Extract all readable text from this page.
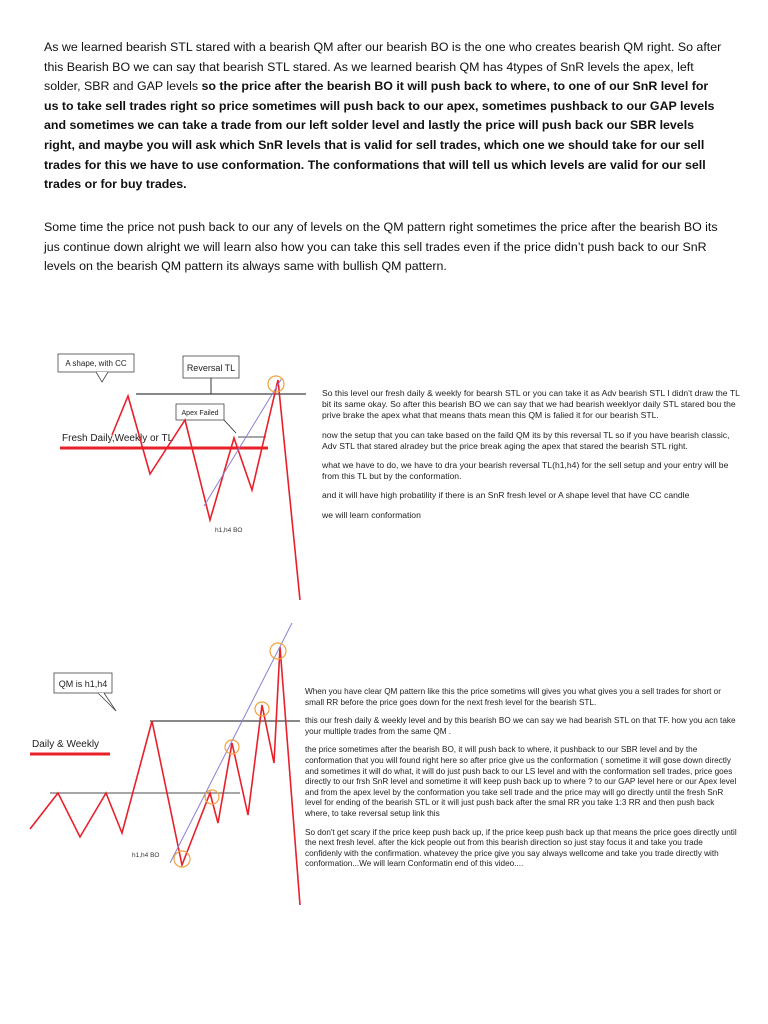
As we learned bearish STL stared with a bearish QM after our bearish BO is the one who creates bearish QM right. So after this Bearish BO we can say that bearish STL stared. As we learned bearish QM has 4types of SnR levels the apex, left solder, SBR and GAP levels so the price after the bearish BO it will push back to where, to one of our SnR level for us to take sell trades right so price sometimes will push back to our apex, sometimes pushback to our GAP levels and sometimes we can take a trade from our left solder level and lastly the price will push back our SBR levels right, and maybe you will ask which SnR levels that is valid for sell trades, which one we should take for our sell trades for this we have to use conformation. The conformations that will tell us which levels are valid for our sell trades or for buy trades.
Some time the price not push back to our any of levels on the QM pattern right sometimes the price after the bearish BO its jus continue down alright we will learn also how you can take this sell trades even if the price didn’t push back to our SnR levels on the bearish QM pattern its always same with bullish QM pattern.
A shape, with CC	Reversal TL
Apex Failed
Fresh Daily,Weekly or TL
h1,h4 BO

So this level our fresh daily & weekly for bearsh STL or you can take it as Adv bearish STL I didn't draw the TL bit its same okay. So after this bearish BO we can say that we had bearish weeklyor daily STL stared bou the prive brake the apex what that means thats mean this QM is falied it for our bearish STL.

now the setup that you can take based on the faild QM its by this reversal TL so if you have bearish classic, Adv STL that stared alradey but the price break aging the apex that stared the bearish STL right.

what we have to do, we have to dra your bearish reversal TL(h1,h4) for the sell setup and your entry will be from this TL but by the conformation.

and it will have high probatility if there is an SnR fresh level or A shape level that have CC candle

we will learn conformation

QM is h1,h4
Daily & Weekly
h1,h4 BO

When you have clear QM pattern like this the price sometims will gives you what gives you a sell trades for short or small RR before the price goes down for the next fresh level for the bearish STL.

this our fresh daily & weekly level and by this bearish BO we can say we had bearish STL on that TF. how you acn take your multiple trades from the same QM .

the price sometimes after the bearish BO, it will push back to where, it pushback to our SBR level and by the conformation that you will found right here so after price give us the conformation ( sometime it will gose down directly and sometimes it will do what, it will do just push back to our LS level and with the conformation sell trades, price goes directly to our frsh SnR level and sometime it will keep push back up to where ? to our GAP level here or our Apex level and from the apex level by the conformation you take sell trade and the price may will go directly until the fresh SnR level for ending of the bearish STL or it will just push back after the smal RR you take 1:3 RR and then push back where, to take reversal setup link this

So don't get scary if the price keep push back up, if the price keep push back up that means the price goes directly until the next fresh level. after the kick people out from this bearish direction so just stay focus it and take you trade confidenly with the confirmation. whatevey the price give you say always wellcome and take you trade directly with conformation...We will learn Conformatin end of this video....
